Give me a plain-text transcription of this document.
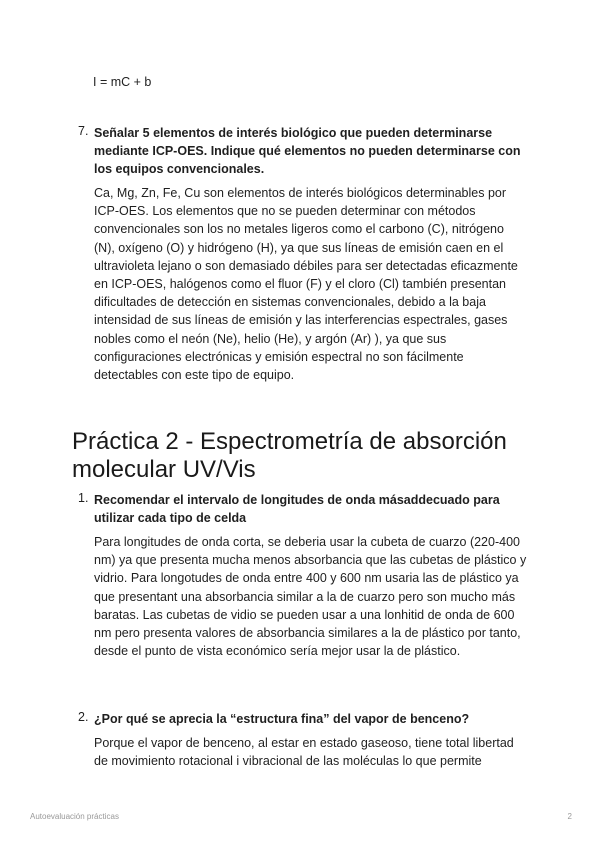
I = mC + b
7. Señalar 5 elementos de interés biológico que pueden determinarse mediante ICP-OES. Indique qué elementos no pueden determinarse con los equipos convencionales.
Ca, Mg, Zn, Fe, Cu son elementos de interés biológicos determinables por ICP-OES. Los elementos que no se pueden determinar con métodos convencionales son los no metales ligeros como el carbono (C), nitrógeno (N), oxígeno (O) y hidrógeno (H), ya que sus líneas de emisión caen en el ultravioleta lejano o son demasiado débiles para ser detectadas eficazmente en ICP-OES, halógenos como el fluor (F) y el cloro (Cl) también presentan dificultades de detección en sistemas convencionales, debido a la baja intensidad de sus líneas de emisión y las interferencias espectrales, gases nobles como el neón (Ne), helio (He), y argón (Ar) ), ya que sus configuraciones electrónicas y emisión espectral no son fácilmente detectables con este tipo de equipo.
Práctica 2 - Espectrometría de absorción molecular UV/Vis
1. Recomendar el intervalo de longitudes de onda másaddecuado para utilizar cada tipo de celda
Para longitudes de onda corta, se deberia usar la cubeta de cuarzo (220-400 nm) ya que presenta mucha menos absorbancia que las cubetas de plástico y vidrio. Para longotudes de onda entre 400 y 600 nm usaria las de plástico ya que presentant una absorbancia similar a la de cuarzo pero son mucho más baratas. Las cubetas de vidio se pueden usar a una lonhitid de onda de 600 nm pero presenta valores de absorbancia similares a la de plástico por tanto, desde el punto de vista económico sería mejor usar la de plástico.
2. ¿Por qué se aprecia la “estructura fina” del vapor de benceno?
Porque el vapor de benceno, al estar en estado gaseoso, tiene total libertad de movimiento rotacional i vibracional de las moléculas lo que permite
Autoevaluación prácticas	2
